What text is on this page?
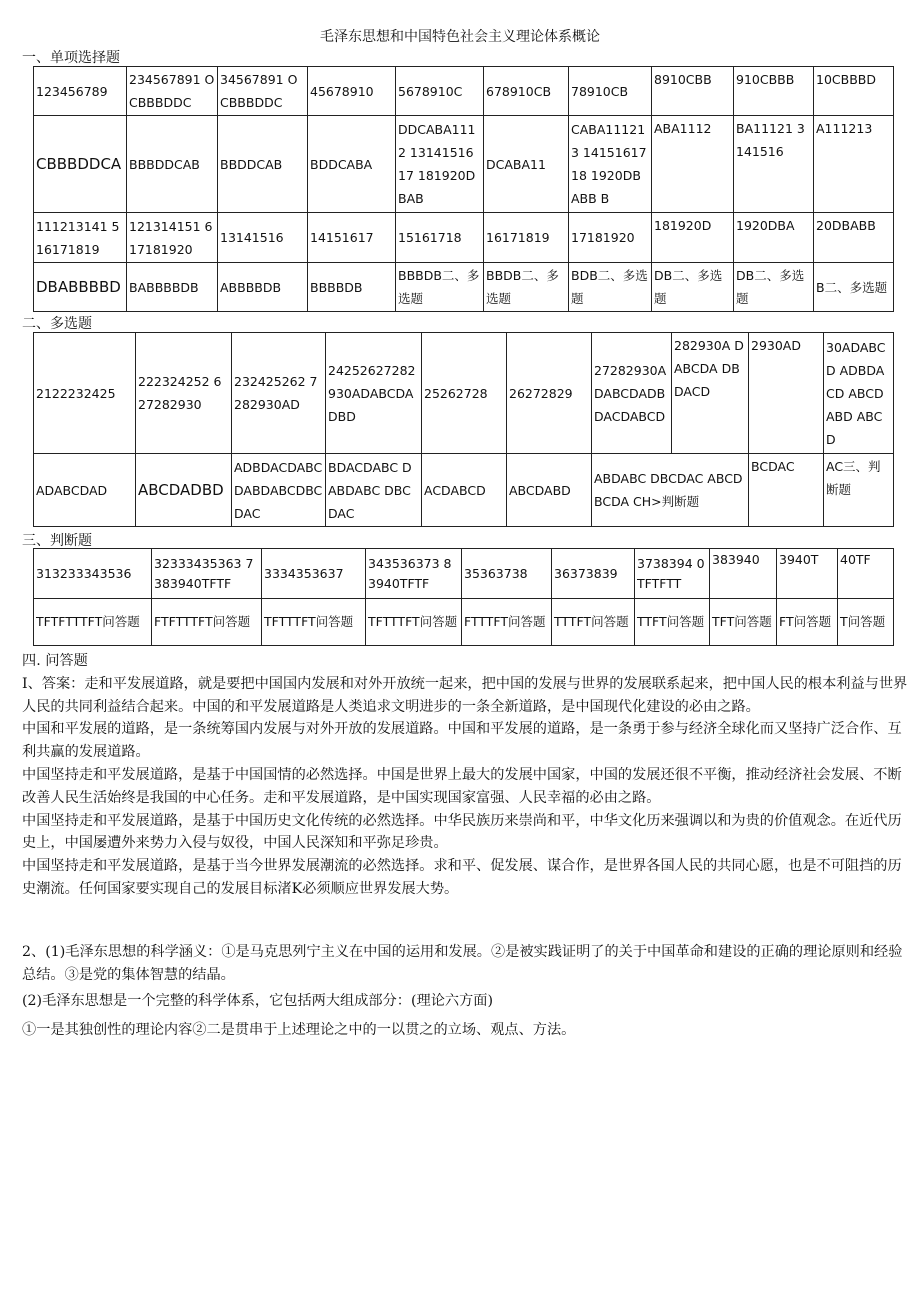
毛泽东思想和中国特色社会主义理论体系概论
一、单项选择题
123456789	234567891 OCBBBDDC	34567891 OCBBBDDC	45678910	5678910C	678910CB	78910CB	8910CBB	910CBBB	10CBBBD
CBBBDDCA	BBBDDCAB	BBDDCAB	BDDCABA	DDCABA1112 1314151617 181920DBAB	DCABA11	CABA111213 1415161718 1920DBABB B	ABA1112	BA11121 3141516	A111213
111213141 516171819	121314151 617181920	13141516	14151617	15161718	16171819	17181920	181920D	1920DBA	20DBABB
DBABBBBD	BABBBBDB	ABBBBDB	BBBBDB	BBBDB二、多选题	BBDB二、多选题	BDB二、多选题	DB二、多选题	DB二、多选题	B二、多选题
二、多选题
2122232425	222324252 627282930	232425262 7282930AD	24252627282 930ADABCDA DBD	25262728	26272829	27282930A DABCDADB DACDABCD	282930A DABCDA DBDACD	2930AD	30ADABCD ADBDACD ABCDABD ABCD
ADABCDAD	ABCDADBD	ADBDACDABC DABDABCDBC DAC	BDACDABC DABDABC DBCDAC	ACDABCD	ABCDABD	ABDABC DBCDAC ABCDBCDA CH>判断题		BCDAC	AC三、判断题
三、判断题
313233343536	32333435363 7383940TFTF	3334353637	343536373 83940TFTF	35363738	36373839	3738394 0TFTFTT	383940	3940T	40TF
TFTFTTTFT问答题	FTFTTTFT问答题	TFTTTFT问答题	TFTTTFT问答题	FTTTFT问答题	TTTFT问答题	TTFT问答题	TFT问答题	FT问答题	T问答题
四. 问答题

I、答案：走和平发展道路，就是要把中国国内发展和对外开放统一起来，把中国的发展与世界的发展联系起来，把中国人民的根本利益与世界人民的共同利益结合起来。中国的和平发展道路是人类追求文明进步的一条全新道路，是中国现代化建设的必由之路。

中国和平发展的道路，是一条统筹国内发展与对外开放的发展道路。中国和平发展的道路，是一条勇于参与经济全球化而又坚持广泛合作、互利共赢的发展道路。

中国坚持走和平发展道路，是基于中国国情的必然选择。中国是世界上最大的发展中国家，中国的发展还很不平衡，推动经济社会发展、不断改善人民生活始终是我国的中心任务。走和平发展道路，是中国实现国家富强、人民幸福的必由之路。

中国坚持走和平发展道路，是基于中国历史文化传统的必然选择。中华民族历来崇尚和平，中华文化历来强调以和为贵的价值观念。在近代历史上，中国屡遭外来势力入侵与奴役，中国人民深知和平弥足珍贵。

中国坚持走和平发展道路，是基于当今世界发展潮流的必然选择。求和平、促发展、谋合作，是世界各国人民的共同心愿，也是不可阻挡的历史潮流。任何国家要实现自己的发展目标渚K必须顺应世界发展大势。

2、(1)毛泽东思想的科学涵义：①是马克思列宁主义在中国的运用和发展。②是被实践证明了的关于中国革命和建设的正确的理论原则和经验总结。③是党的集体智慧的结晶。

(2)毛泽东思想是一个完整的科学体系，它包括两大组成部分：(理论六方面)

①一是其独创性的理论内容②二是贯串于上述理论之中的一以贯之的立场、观点、方法。
